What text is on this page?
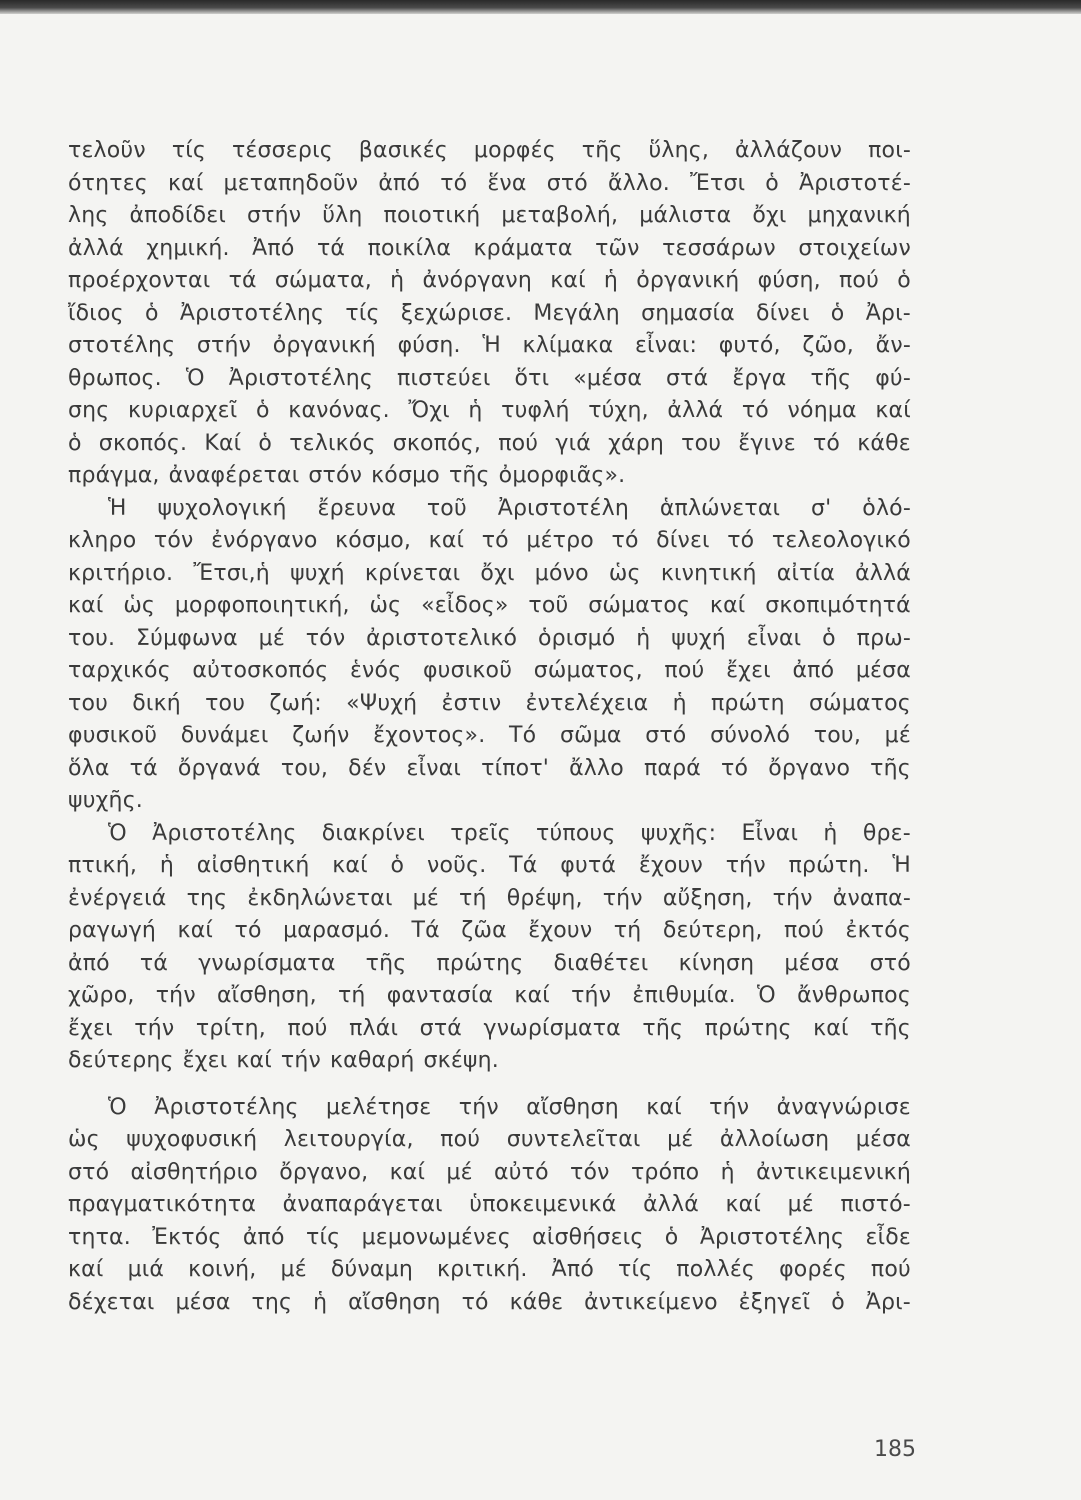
τελοῦν τίς τέσσερις βασικές μορφές τῆς ὕλης, ἀλλάζουν ποι-
ότητες καί μεταπηδοῦν ἀπό τό ἕνα στό ἄλλο. Ἔτσι ὁ Ἀριστοτέ-
λης ἀποδίδει στήν ὕλη ποιοτική μεταβολή, μάλιστα ὄχι μηχανική
ἀλλά χημική. Ἀπό τά ποικίλα κράματα τῶν τεσσάρων στοιχείων
προέρχονται τά σώματα, ἡ ἀνόργανη καί ἡ ὀργανική φύση, πού ὁ
ἴδιος ὁ Ἀριστοτέλης τίς ξεχώρισε. Μεγάλη σημασία δίνει ὁ Ἀρι-
στοτέλης στήν ὀργανική φύση. Ἡ κλίμακα εἶναι: φυτό, ζῶο, ἄν-
θρωπος. Ὁ Ἀριστοτέλης πιστεύει ὅτι «μέσα στά ἔργα τῆς φύ-
σης κυριαρχεῖ ὁ κανόνας. Ὄχι ἡ τυφλή τύχη, ἀλλά τό νόημα καί
ὁ σκοπός. Καί ὁ τελικός σκοπός, πού γιά χάρη του ἔγινε τό κάθε
πράγμα, ἀναφέρεται στόν κόσμο τῆς ὀμορφιᾶς».
Ἡ ψυχολογική ἔρευνα τοῦ Ἀριστοτέλη ἁπλώνεται σ' ὁλό-
κληρο τόν ἐνόργανο κόσμο, καί τό μέτρο τό δίνει τό τελεολογικό
κριτήριο. Ἔτσι,ἡ ψυχή κρίνεται ὄχι μόνο ὡς κινητική αἰτία ἀλλά
καί ὡς μορφοποιητική, ὡς «εἶδος» τοῦ σώματος καί σκοπιμότητά
του. Σύμφωνα μέ τόν ἀριστοτελικό ὁρισμό ἡ ψυχή εἶναι ὁ πρω-
ταρχικός αὐτοσκοπός ἑνός φυσικοῦ σώματος, πού ἔχει ἀπό μέσα
του δική του ζωή: «Ψυχή ἐστιν ἐντελέχεια ἡ πρώτη σώματος
φυσικοῦ δυνάμει ζωήν ἔχοντος». Τό σῶμα στό σύνολό του, μέ
ὅλα τά ὄργανά του, δέν εἶναι τίποτ' ἄλλο παρά τό ὄργανο τῆς
ψυχῆς.
Ὁ Ἀριστοτέλης διακρίνει τρεῖς τύπους ψυχῆς: Εἶναι ἡ θρε-
πτική, ἡ αἰσθητική καί ὁ νοῦς. Τά φυτά ἔχουν τήν πρώτη. Ἡ
ἐνέργειά της ἐκδηλώνεται μέ τή θρέψη, τήν αὔξηση, τήν ἀναπα-
ραγωγή καί τό μαρασμό. Τά ζῶα ἔχουν τή δεύτερη, πού ἐκτός
ἀπό τά γνωρίσματα τῆς πρώτης διαθέτει κίνηση μέσα στό
χῶρο, τήν αἴσθηση, τή φαντασία καί τήν ἐπιθυμία. Ὁ ἄνθρωπος
ἔχει τήν τρίτη, πού πλάι στά γνωρίσματα τῆς πρώτης καί τῆς
δεύτερης ἔχει καί τήν καθαρή σκέψη.
Ὁ Ἀριστοτέλης μελέτησε τήν αἴσθηση καί τήν ἀναγνώρισε
ὡς ψυχοφυσική λειτουργία, πού συντελεῖται μέ ἀλλοίωση μέσα
στό αἰσθητήριο ὄργανο, καί μέ αὐτό τόν τρόπο ἡ ἀντικειμενική
πραγματικότητα ἀναπαράγεται ὑποκειμενικά ἀλλά καί μέ πιστό-
τητα. Ἐκτός ἀπό τίς μεμονωμένες αἰσθήσεις ὁ Ἀριστοτέλης εἶδε
καί μιά κοινή, μέ δύναμη κριτική. Ἀπό τίς πολλές φορές πού
δέχεται μέσα της ἡ αἴσθηση τό κάθε ἀντικείμενο ἐξηγεῖ ὁ Ἀρι-
185
